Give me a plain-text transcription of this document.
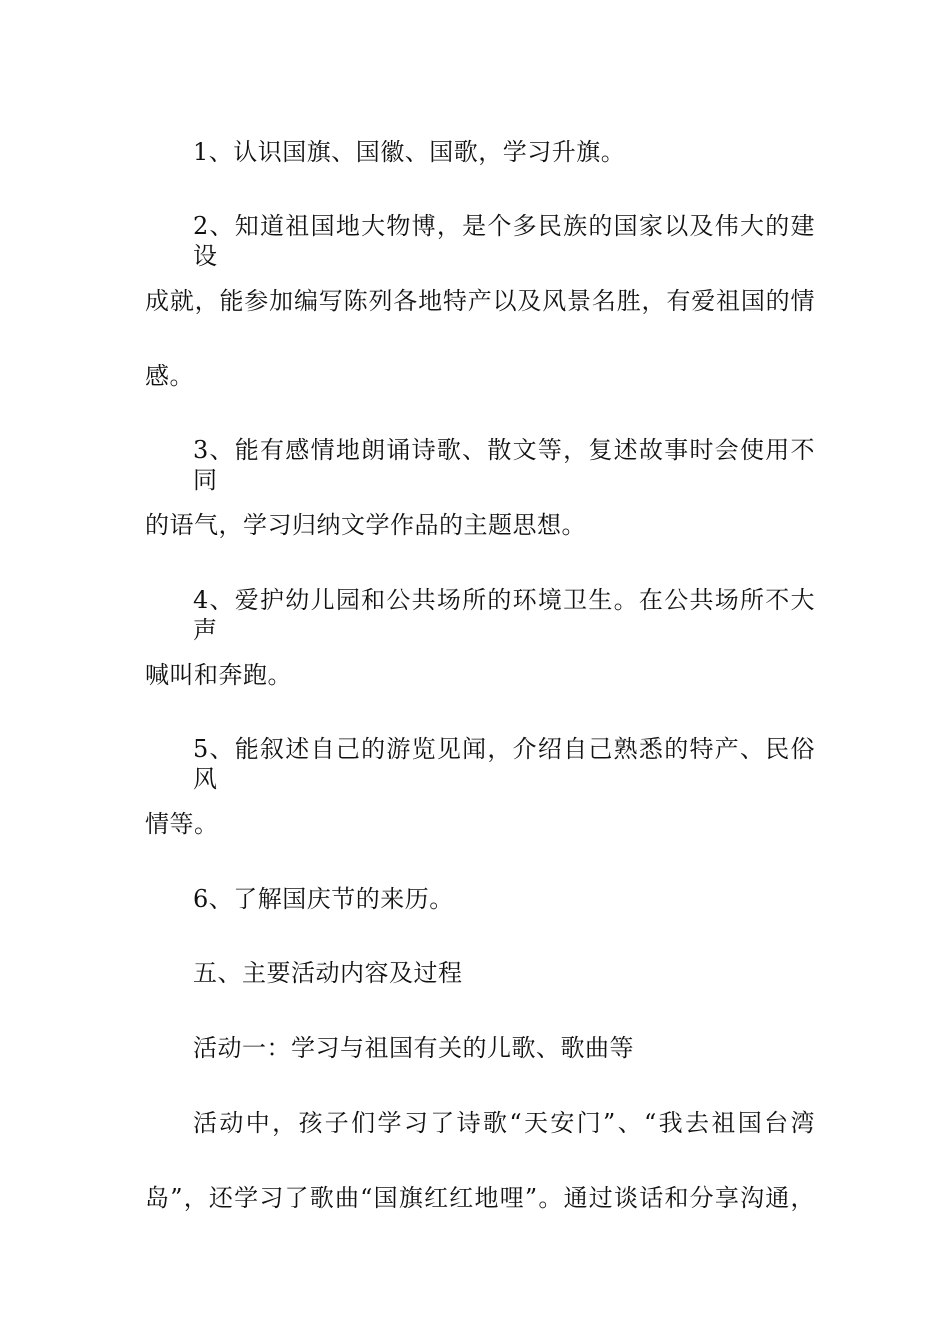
1、认识国旗、国徽、国歌，学习升旗。

2、知道祖国地大物博，是个多民族的国家以及伟大的建设

成就，能参加编写陈列各地特产以及风景名胜，有爱祖国的情

感。

3、能有感情地朗诵诗歌、散文等，复述故事时会使用不同

的语气，学习归纳文学作品的主题思想。

4、爱护幼儿园和公共场所的环境卫生。在公共场所不大声

喊叫和奔跑。

5、能叙述自己的游览见闻，介绍自己熟悉的特产、民俗风

情等。

6、了解国庆节的来历。

五、主要活动内容及过程

活动一：学习与祖国有关的儿歌、歌曲等

活动中，孩子们学习了诗歌“天安门”、“我去祖国台湾

岛”，还学习了歌曲“国旗红红地哩”。通过谈话和分享沟通，
